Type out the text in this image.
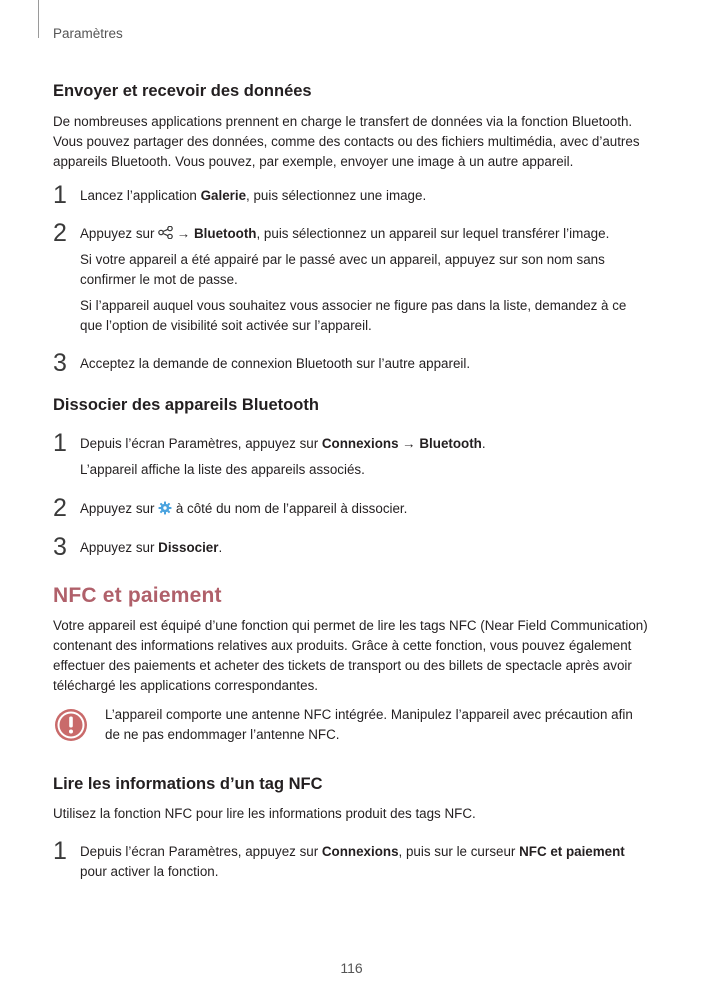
Paramètres
Envoyer et recevoir des données

De nombreuses applications prennent en charge le transfert de données via la fonction Bluetooth. Vous pouvez partager des données, comme des contacts ou des fichiers multimédia, avec d’autres appareils Bluetooth. Vous pouvez, par exemple, envoyer une image à un autre appareil.

1 Lancez l’application Galerie, puis sélectionnez une image.

2 Appuyez sur  → Bluetooth, puis sélectionnez un appareil sur lequel transférer l’image.

Si votre appareil a été appairé par le passé avec un appareil, appuyez sur son nom sans confirmer le mot de passe.

Si l’appareil auquel vous souhaitez vous associer ne figure pas dans la liste, demandez à ce que l’option de visibilité soit activée sur l’appareil.

3 Acceptez la demande de connexion Bluetooth sur l’autre appareil.

Dissocier des appareils Bluetooth
1 Depuis l’écran Paramètres, appuyez sur Connexions → Bluetooth.

L’appareil affiche la liste des appareils associés.

2 Appuyez sur  à côté du nom de l’appareil à dissocier.

3 Appuyez sur Dissocier.

NFC et paiement

Votre appareil est équipé d’une fonction qui permet de lire les tags NFC (Near Field Communication) contenant des informations relatives aux produits. Grâce à cette fonction, vous pouvez également effectuer des paiements et acheter des tickets de transport ou des billets de spectacle après avoir téléchargé les applications correspondantes.

L’appareil comporte une antenne NFC intégrée. Manipulez l’appareil avec précaution afin de ne pas endommager l’antenne NFC.

Lire les informations d’un tag NFC

Utilisez la fonction NFC pour lire les informations produit des tags NFC.

1 Depuis l’écran Paramètres, appuyez sur Connexions, puis sur le curseur NFC et paiement pour activer la fonction.

116
